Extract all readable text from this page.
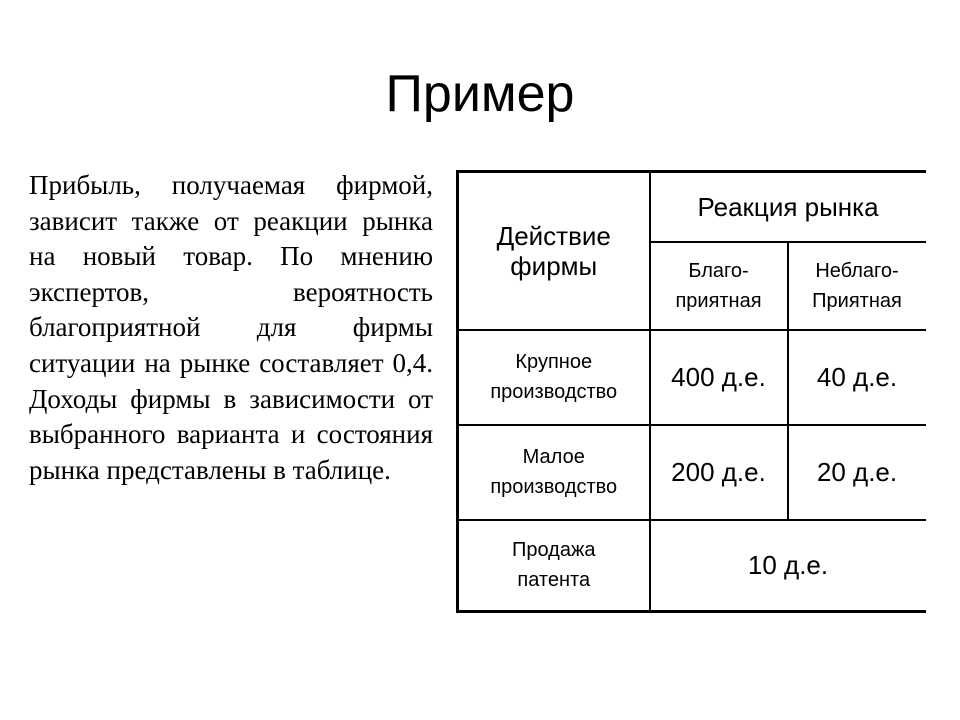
Пример

Прибыль, получаемая фирмой, зависит также от реакции рынка на новый товар. По мнению экспертов, вероятность благоприятной для фирмы ситуации на рынке составляет 0,4. Доходы фирмы в зависимости от выбранного варианта и состояния рынка представлены в таблице.

Действие фирмы	Реакция рынка	

	Благо-приятная	Неблаго-Приятная

Крупное производство	400 д.е.	40 д.е.

Малое производство	200 д.е.	20 д.е.

Продажа патента	10 д.е.	
